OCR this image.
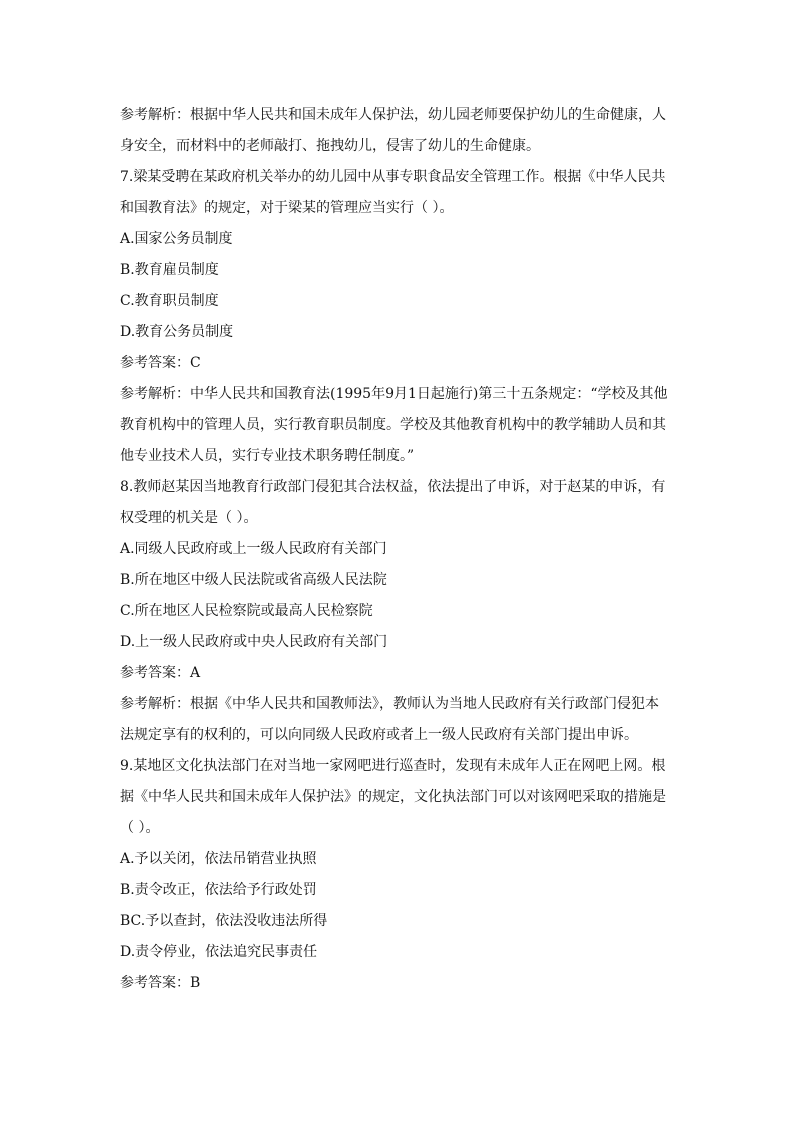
参考解析：根据中华人民共和国未成年人保护法，幼儿园老师要保护幼儿的生命健康，人身安全，而材料中的老师敲打、拖拽幼儿，侵害了幼儿的生命健康。

7.梁某受聘在某政府机关举办的幼儿园中从事专职食品安全管理工作。根据《中华人民共和国教育法》的规定，对于梁某的管理应当实行（ ）。

A.国家公务员制度

B.教育雇员制度

C.教育职员制度

D.教育公务员制度

参考答案：C

参考解析：中华人民共和国教育法(1995年9月1日起施行)第三十五条规定：“学校及其他教育机构中的管理人员，实行教育职员制度。学校及其他教育机构中的教学辅助人员和其他专业技术人员，实行专业技术职务聘任制度。”

8.教师赵某因当地教育行政部门侵犯其合法权益，依法提出了申诉，对于赵某的申诉，有权受理的机关是（ ）。

A.同级人民政府或上一级人民政府有关部门

B.所在地区中级人民法院或省高级人民法院

C.所在地区人民检察院或最高人民检察院

D.上一级人民政府或中央人民政府有关部门

参考答案：A

参考解析：根据《中华人民共和国教师法》，教师认为当地人民政府有关行政部门侵犯本法规定享有的权利的，可以向同级人民政府或者上一级人民政府有关部门提出申诉。

9.某地区文化执法部门在对当地一家网吧进行巡查时，发现有未成年人正在网吧上网。根据《中华人民共和国未成年人保护法》的规定，文化执法部门可以对该网吧采取的措施是（ ）。

A.予以关闭，依法吊销营业执照

B.责令改正，依法给予行政处罚

BC.予以查封，依法没收违法所得

D.责令停业，依法追究民事责任

参考答案：B
